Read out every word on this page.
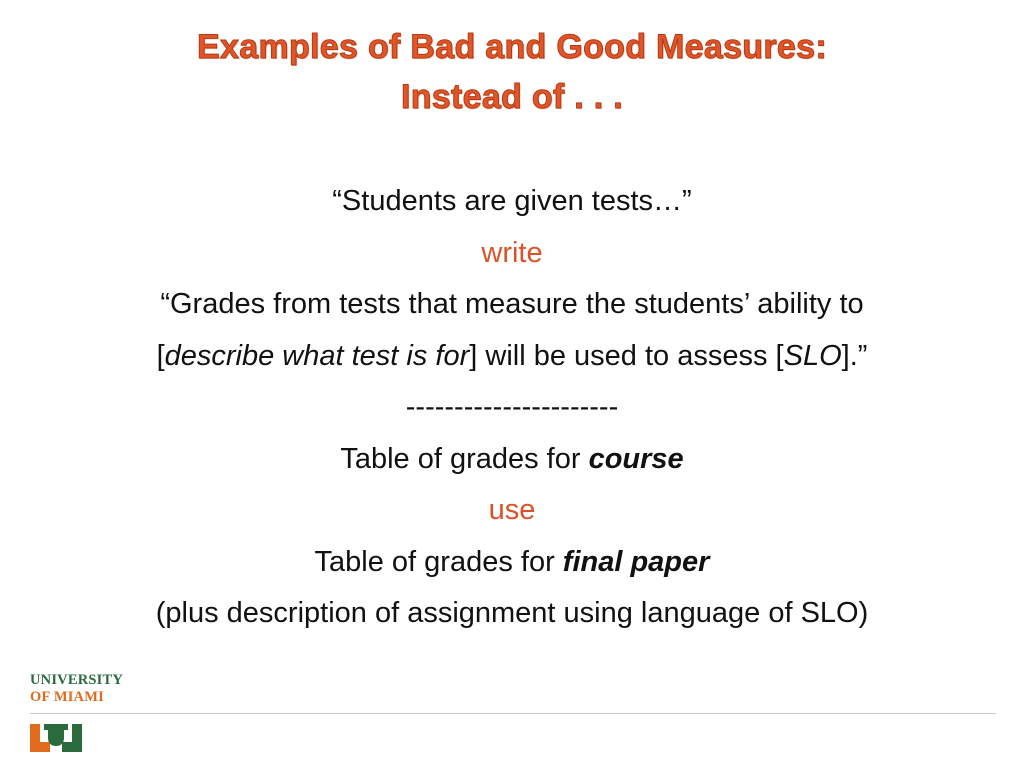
Examples of Bad and Good Measures:
Instead of . . .
“Students are given tests…”
write
“Grades from tests that measure the students’ ability to
[describe what test is for] will be used to assess [SLO].”
----------------------
Table of grades for course
use
Table of grades for final paper
(plus description of assignment using language of SLO)
UNIVERSITY
OF MIAMI
